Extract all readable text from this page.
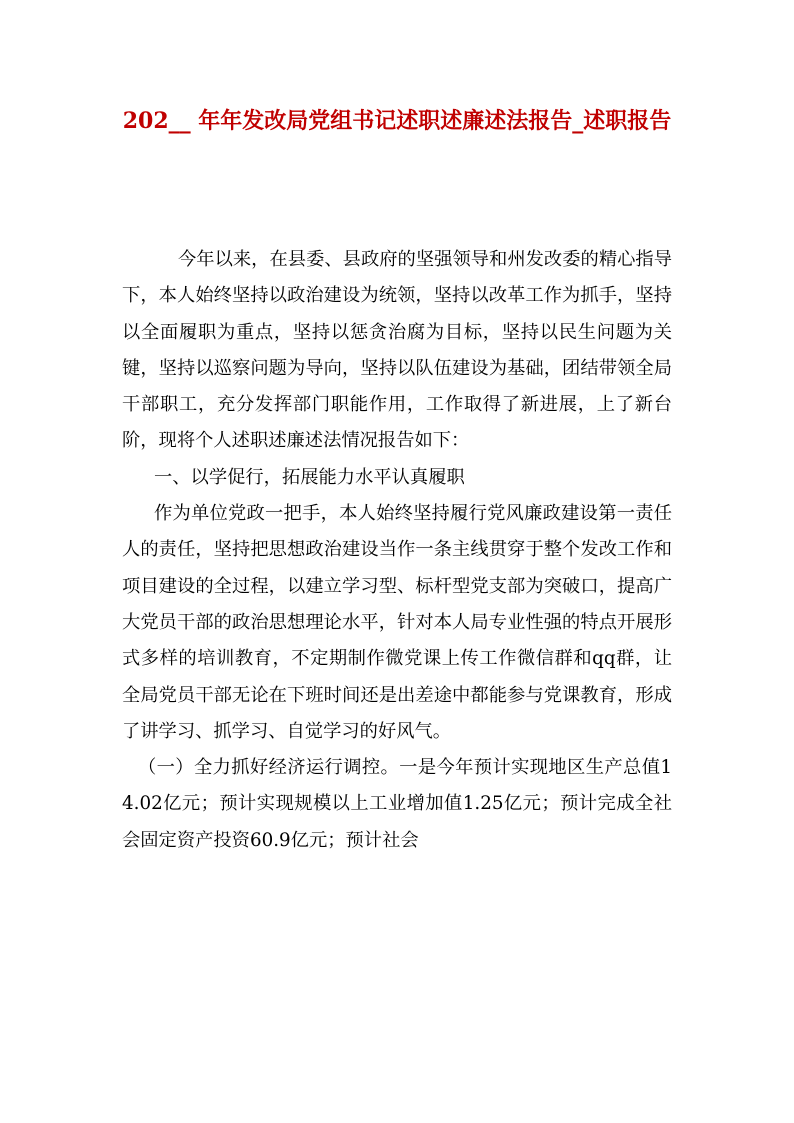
202__ 年年发改局党组书记述职述廉述法报告_述职报告

今年以来，在县委、县政府的坚强领导和州发改委的精心指导下，本人始终坚持以政治建设为统领，坚持以改革工作为抓手，坚持以全面履职为重点，坚持以惩贪治腐为目标，坚持以民生问题为关键，坚持以巡察问题为导向，坚持以队伍建设为基础，团结带领全局干部职工，充分发挥部门职能作用，工作取得了新进展，上了新台阶，现将个人述职述廉述法情况报告如下：

一、以学促行，拓展能力水平认真履职

作为单位党政一把手，本人始终坚持履行党风廉政建设第一责任人的责任，坚持把思想政治建设当作一条主线贯穿于整个发改工作和项目建设的全过程，以建立学习型、标杆型党支部为突破口，提高广大党员干部的政治思想理论水平，针对本人局专业性强的特点开展形式多样的培训教育，不定期制作微党课上传工作微信群和qq群，让全局党员干部无论在下班时间还是出差途中都能参与党课教育，形成了讲学习、抓学习、自觉学习的好风气。

（一）全力抓好经济运行调控。一是今年预计实现地区生产总值14.02亿元；预计实现规模以上工业增加值1.25亿元；预计完成全社会固定资产投资60.9亿元；预计社会
